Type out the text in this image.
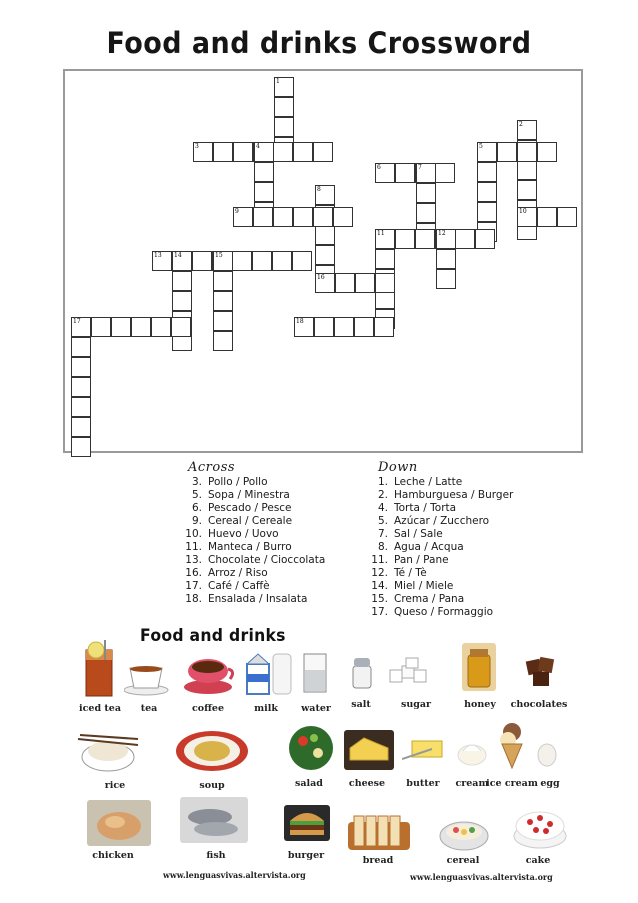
Food and drinks Crossword
1
2
3	4	5
6	7
8
9	10
11	12
13 14	15
16
17	18
Across
3. Pollo / Pollo
5. Sopa / Minestra
6. Pescado / Pesce
9. Cereal / Cereale
10. Huevo / Uovo
11. Manteca / Burro
13. Chocolate / Cioccolata
16. Arroz / Riso
17. Café / Caffè
18. Ensalada / Insalata
Down
1. Leche / Latte
2. Hamburguesa / Burger
4. Torta / Torta
5. Azúcar / Zucchero
7. Sal / Sale
8. Agua / Acqua
11. Pan / Pane
12. Té / Tè
14. Miel / Miele
15. Crema / Pana
17. Queso / Formaggio
Food and drinks
iced tea tea	coffee	milk water salt	sugar	honey chocolates
rice	soup	salad	cheese butter cream
ice cream egg
chicken	fish	burger	bread	cereal	cake
www.lenguasvivas.altervista.org	www.lenguasvivas.altervista.org
